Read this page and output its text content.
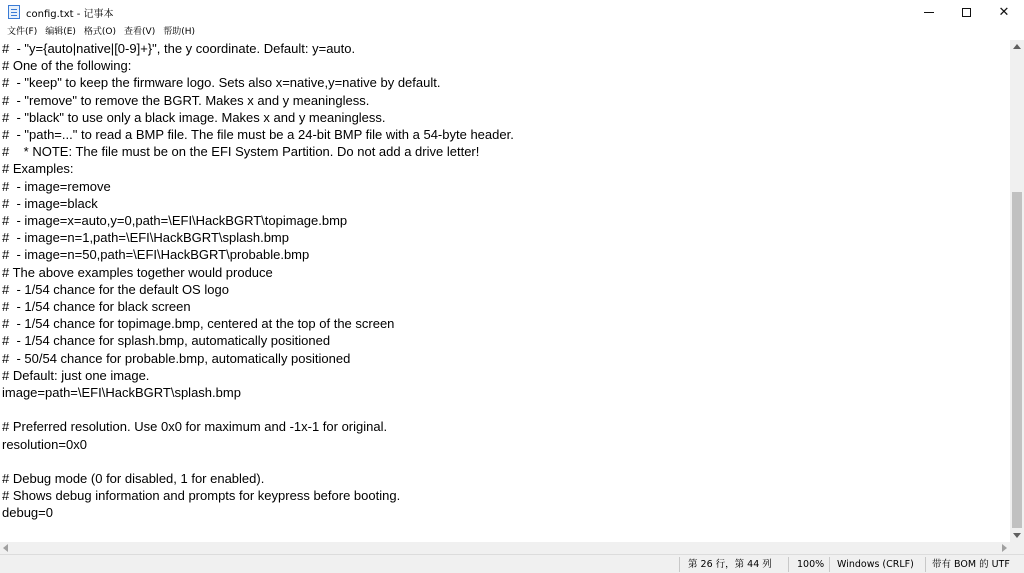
config.txt - 记事本	✕
文件(F) 编辑(E) 格式(O) 查看(V) 帮助(H)
#  - "y={auto|native|[0-9]+}", the y coordinate. Default: y=auto.
# One of the following:
#  - "keep" to keep the firmware logo. Sets also x=native,y=native by default.
#  - "remove" to remove the BGRT. Makes x and y meaningless.
#  - "black" to use only a black image. Makes x and y meaningless.
#  - "path=..." to read a BMP file. The file must be a 24-bit BMP file with a 54-byte header.
#    * NOTE: The file must be on the EFI System Partition. Do not add a drive letter!
# Examples:
#  - image=remove
#  - image=black
#  - image=x=auto,y=0,path=\EFI\HackBGRT\topimage.bmp
#  - image=n=1,path=\EFI\HackBGRT\splash.bmp
#  - image=n=50,path=\EFI\HackBGRT\probable.bmp
# The above examples together would produce
#  - 1/54 chance for the default OS logo
#  - 1/54 chance for black screen
#  - 1/54 chance for topimage.bmp, centered at the top of the screen
#  - 1/54 chance for splash.bmp, automatically positioned
#  - 50/54 chance for probable.bmp, automatically positioned
# Default: just one image.
image=path=\EFI\HackBGRT\splash.bmp
# Preferred resolution. Use 0x0 for maximum and -1x-1 for original.
resolution=0x0
# Debug mode (0 for disabled, 1 for enabled).
# Shows debug information and prompts for keypress before booting.
debug=0
第 26 行，第 44 列	100%	Windows (CRLF)	带有 BOM 的 UTF
